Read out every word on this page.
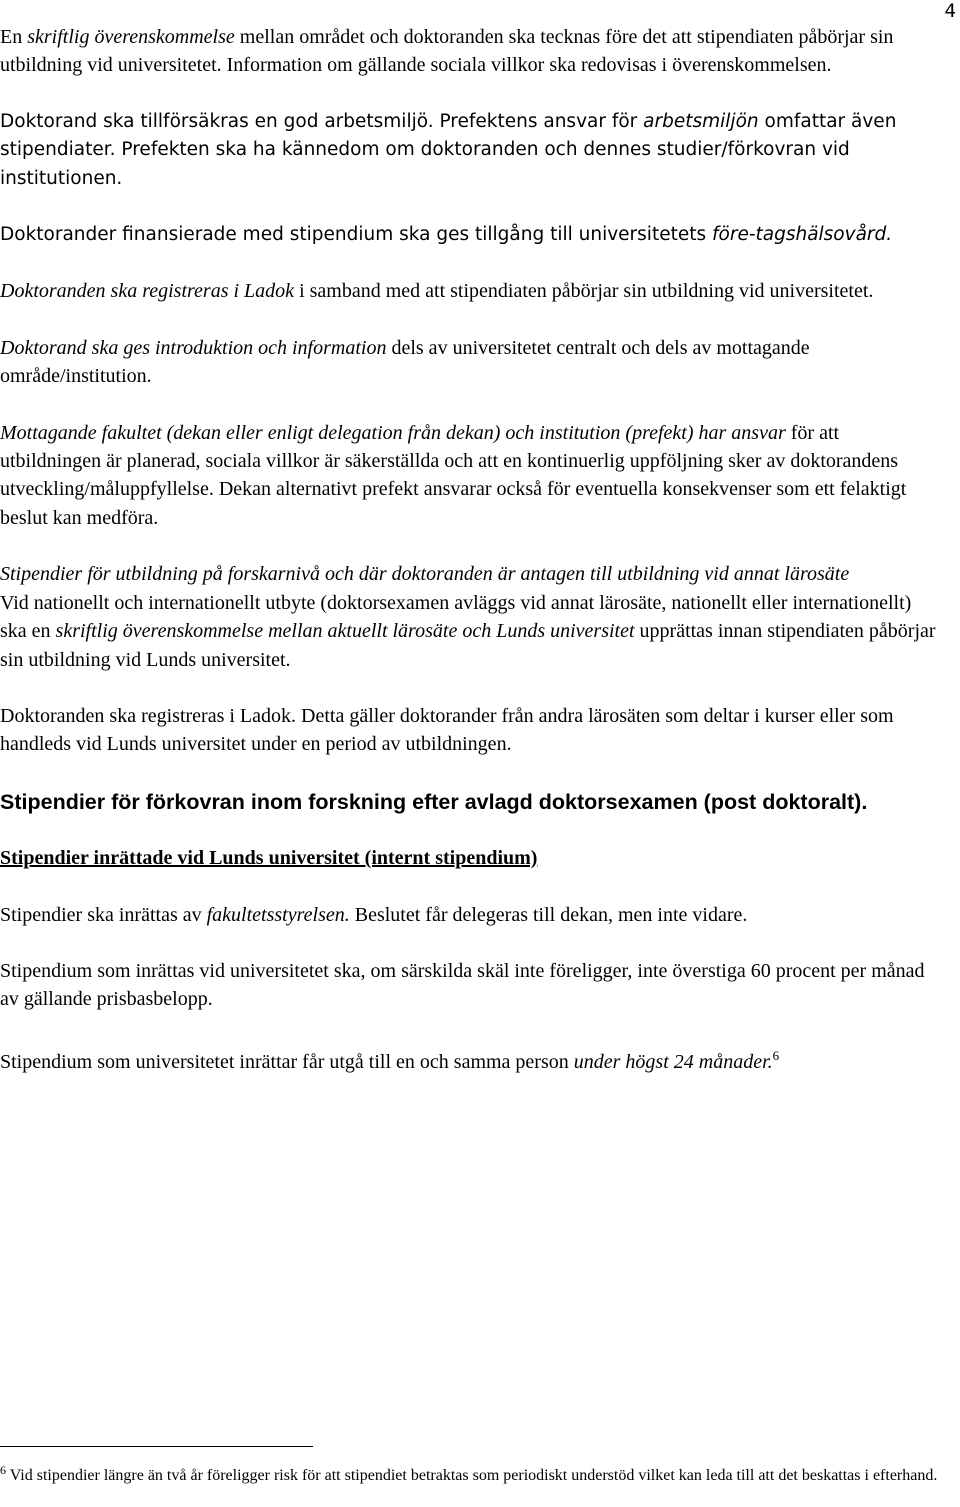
4

En skriftlig överenskommelse mellan området och doktoranden ska tecknas före det att stipendiaten påbörjar sin utbildning vid universitetet. Information om gällande sociala villkor ska redovisas i överenskommelsen.

Doktorand ska tillförsäkras en god arbetsmiljö. Prefektens ansvar för arbetsmiljön omfattar även stipendiater. Prefekten ska ha kännedom om doktoranden och dennes studier/förkovran vid institutionen.

Doktorander finansierade med stipendium ska ges tillgång till universitetets före-tagshälsovård.

Doktoranden ska registreras i Ladok i samband med att stipendiaten påbörjar sin utbildning vid universitetet.

Doktorand ska ges introduktion och information dels av universitetet centralt och dels av mottagande område/institution.

Mottagande fakultet (dekan eller enligt delegation från dekan) och institution (prefekt) har ansvar för att utbildningen är planerad, sociala villkor är säkerställda och att en kontinuerlig uppföljning sker av doktorandens utveckling/måluppfyllelse. Dekan alternativt prefekt ansvarar också för eventuella konsekvenser som ett felaktigt beslut kan medföra.

Stipendier för utbildning på forskarnivå och där doktoranden är antagen till utbildning vid annat lärosäte
Vid nationellt och internationellt utbyte (doktorsexamen avläggs vid annat lärosäte, nationellt eller internationellt) ska en skriftlig överenskommelse mellan aktuellt lärosäte och Lunds universitet upprättas innan stipendiaten påbörjar sin utbildning vid Lunds universitet.

Doktoranden ska registreras i Ladok. Detta gäller doktorander från andra lärosäten som deltar i kurser eller som handleds vid Lunds universitet under en period av utbildningen.

Stipendier för förkovran inom forskning efter avlagd doktorsexamen (post doktoralt).

Stipendier inrättade vid Lunds universitet (internt stipendium)

Stipendier ska inrättas av fakultetsstyrelsen. Beslutet får delegeras till dekan, men inte vidare.

Stipendium som inrättas vid universitetet ska, om särskilda skäl inte föreligger, inte överstiga 60 procent per månad av gällande prisbasbelopp.

Stipendium som universitetet inrättar får utgå till en och samma person under högst 24 månader.$^6$

$^6$ Vid stipendier längre än två år föreligger risk för att stipendiet betraktas som periodiskt understöd vilket kan leda till att det beskattas i efterhand.
